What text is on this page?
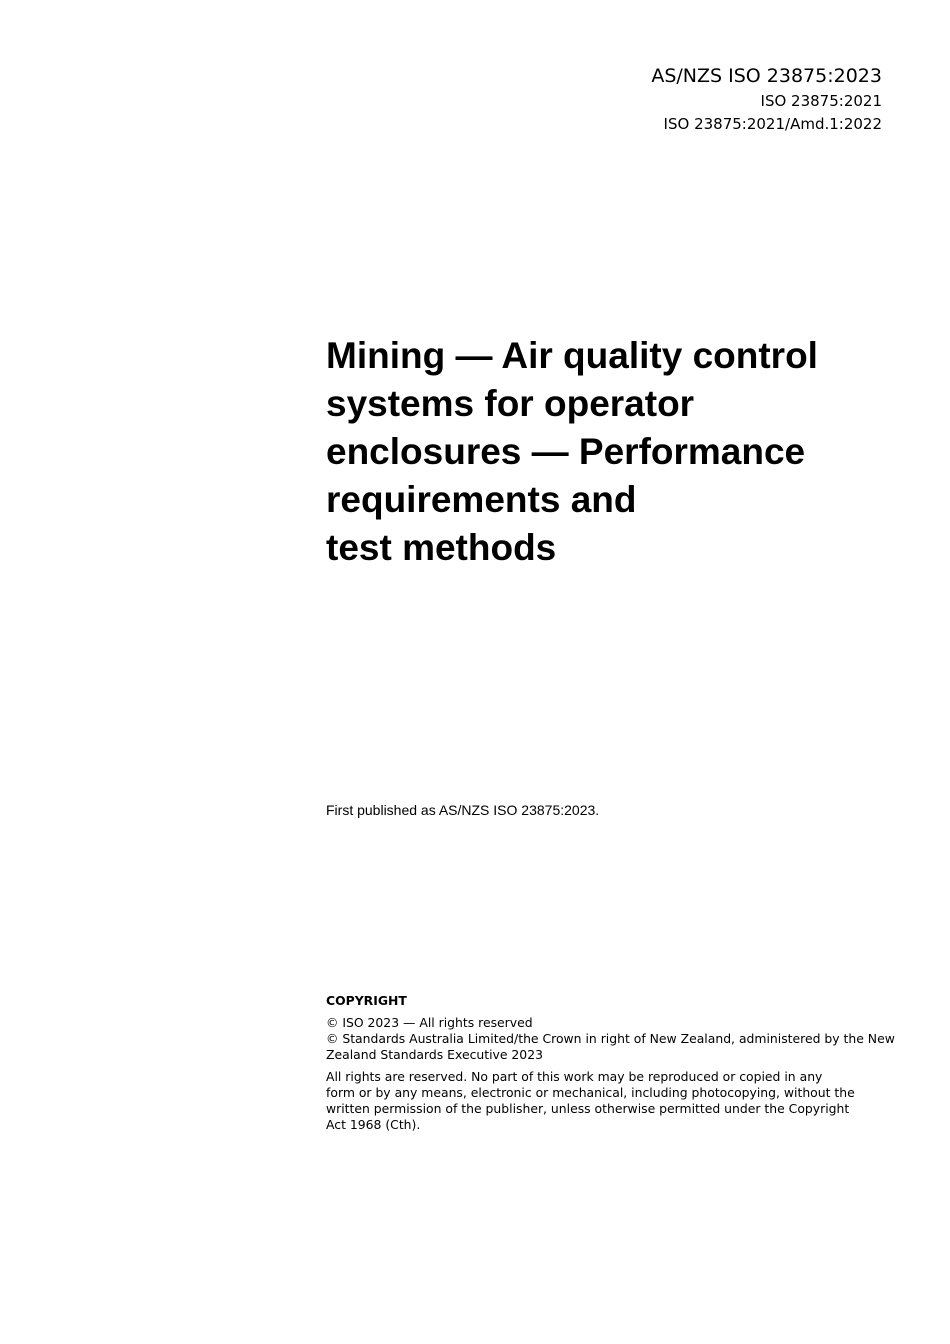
AS/NZS ISO 23875:2023
ISO 23875:2021
ISO 23875:2021/Amd.1:2022
Mining — Air quality control
systems for operator
enclosures — Performance
requirements and
test methods
First published as AS/NZS ISO 23875:2023.
COPYRIGHT
© ISO 2023 — All rights reserved
© Standards Australia Limited/the Crown in right of New Zealand, administered by the New
Zealand Standards Executive 2023
All rights are reserved. No part of this work may be reproduced or copied in any
form or by any means, electronic or mechanical, including photocopying, without the
written permission of the publisher, unless otherwise permitted under the Copyright
Act 1968 (Cth).
